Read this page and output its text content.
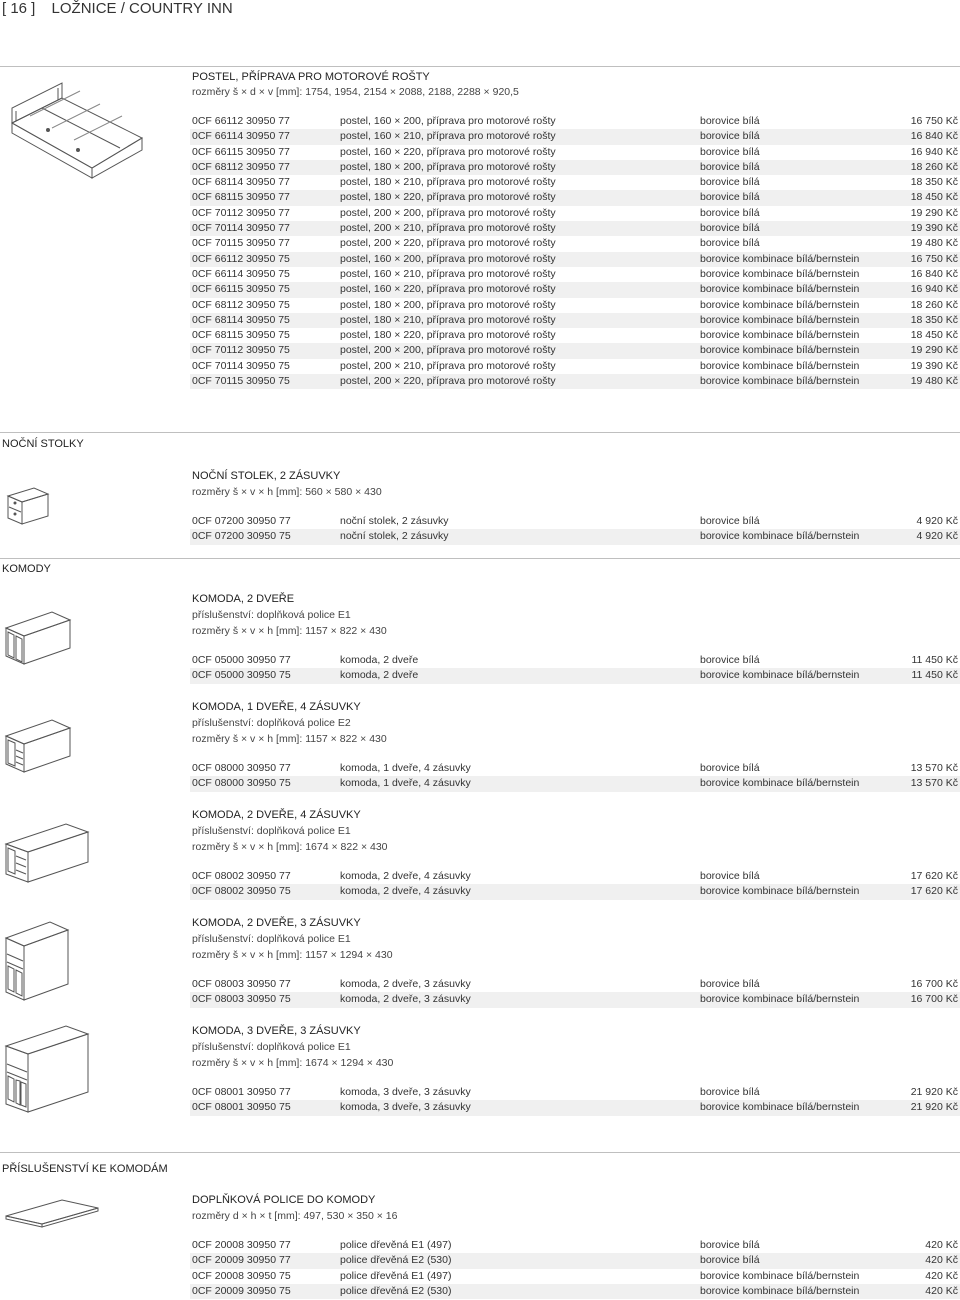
[ 16 ] LOŽNICE / COUNTRY INN
POSTEL, PŘÍPRAVA PRO MOTOROVÉ ROŠTY
rozměry š × d × v [mm]: 1754, 1954, 2154 × 2088, 2188, 2288 × 920,5
0CF 66112 30950 77	postel, 160 × 200, příprava pro motorové rošty	borovice bílá	16 750 Kč
0CF 66114 30950 77	postel, 160 × 210, příprava pro motorové rošty	borovice bílá	16 840 Kč
0CF 66115 30950 77	postel, 160 × 220, příprava pro motorové rošty	borovice bílá	16 940 Kč
0CF 68112 30950 77	postel, 180 × 200, příprava pro motorové rošty	borovice bílá	18 260 Kč
0CF 68114 30950 77	postel, 180 × 210, příprava pro motorové rošty	borovice bílá	18 350 Kč
0CF 68115 30950 77	postel, 180 × 220, příprava pro motorové rošty	borovice bílá	18 450 Kč
0CF 70112 30950 77	postel, 200 × 200, příprava pro motorové rošty	borovice bílá	19 290 Kč
0CF 70114 30950 77	postel, 200 × 210, příprava pro motorové rošty	borovice bílá	19 390 Kč
0CF 70115 30950 77	postel, 200 × 220, příprava pro motorové rošty	borovice bílá	19 480 Kč
0CF 66112 30950 75	postel, 160 × 200, příprava pro motorové rošty	borovice kombinace bílá/bernstein	16 750 Kč
0CF 66114 30950 75	postel, 160 × 210, příprava pro motorové rošty	borovice kombinace bílá/bernstein	16 840 Kč
0CF 66115 30950 75	postel, 160 × 220, příprava pro motorové rošty	borovice kombinace bílá/bernstein	16 940 Kč
0CF 68112 30950 75	postel, 180 × 200, příprava pro motorové rošty	borovice kombinace bílá/bernstein	18 260 Kč
0CF 68114 30950 75	postel, 180 × 210, příprava pro motorové rošty	borovice kombinace bílá/bernstein	18 350 Kč
0CF 68115 30950 75	postel, 180 × 220, příprava pro motorové rošty	borovice kombinace bílá/bernstein	18 450 Kč
0CF 70112 30950 75	postel, 200 × 200, příprava pro motorové rošty	borovice kombinace bílá/bernstein	19 290 Kč
0CF 70114 30950 75	postel, 200 × 210, příprava pro motorové rošty	borovice kombinace bílá/bernstein	19 390 Kč
0CF 70115 30950 75	postel, 200 × 220, příprava pro motorové rošty	borovice kombinace bílá/bernstein	19 480 Kč
NOČNÍ STOLKY
NOČNÍ STOLEK, 2 ZÁSUVKY
rozměry š × v × h [mm]: 560 × 580 × 430
0CF 07200 30950 77	noční stolek, 2 zásuvky	borovice bílá	4 920 Kč
0CF 07200 30950 75	noční stolek, 2 zásuvky	borovice kombinace bílá/bernstein	4 920 Kč
KOMODY
KOMODA, 2 DVEŘE
příslušenství: doplňková police E1
rozměry š × v × h [mm]: 1157 × 822 × 430
0CF 05000 30950 77	komoda, 2 dveře	borovice bílá	11 450 Kč
0CF 05000 30950 75	komoda, 2 dveře	borovice kombinace bílá/bernstein	11 450 Kč
KOMODA, 1 DVEŘE, 4 ZÁSUVKY
příslušenství: doplňková police E2
rozměry š × v × h [mm]: 1157 × 822 × 430
0CF 08000 30950 77	komoda, 1 dveře, 4 zásuvky	borovice bílá	13 570 Kč
0CF 08000 30950 75	komoda, 1 dveře, 4 zásuvky	borovice kombinace bílá/bernstein	13 570 Kč
KOMODA, 2 DVEŘE, 4 ZÁSUVKY
příslušenství: doplňková police E1
rozměry š × v × h [mm]: 1674 × 822 × 430
0CF 08002 30950 77	komoda, 2 dveře, 4 zásuvky	borovice bílá	17 620 Kč
0CF 08002 30950 75	komoda, 2 dveře, 4 zásuvky	borovice kombinace bílá/bernstein	17 620 Kč
KOMODA, 2 DVEŘE, 3 ZÁSUVKY
příslušenství: doplňková police E1
rozměry š × v × h [mm]: 1157 × 1294 × 430
0CF 08003 30950 77	komoda, 2 dveře, 3 zásuvky	borovice bílá	16 700 Kč
0CF 08003 30950 75	komoda, 2 dveře, 3 zásuvky	borovice kombinace bílá/bernstein	16 700 Kč
KOMODA, 3 DVEŘE, 3 ZÁSUVKY
příslušenství: doplňková police E1
rozměry š × v × h [mm]: 1674 × 1294 × 430
0CF 08001 30950 77	komoda, 3 dveře, 3 zásuvky	borovice bílá	21 920 Kč
0CF 08001 30950 75	komoda, 3 dveře, 3 zásuvky	borovice kombinace bílá/bernstein	21 920 Kč
PŘÍSLUŠENSTVÍ KE KOMODÁM
DOPLŇKOVÁ POLICE DO KOMODY
rozměry d × h × t [mm]: 497, 530 × 350 × 16
0CF 20008 30950 77	police dřevěná E1 (497)	borovice bílá	420 Kč
0CF 20009 30950 77	police dřevěná E2 (530)	borovice bílá	420 Kč
0CF 20008 30950 75	police dřevěná E1 (497)	borovice kombinace bílá/bernstein	420 Kč
0CF 20009 30950 75	police dřevěná E2 (530)	borovice kombinace bílá/bernstein	420 Kč
